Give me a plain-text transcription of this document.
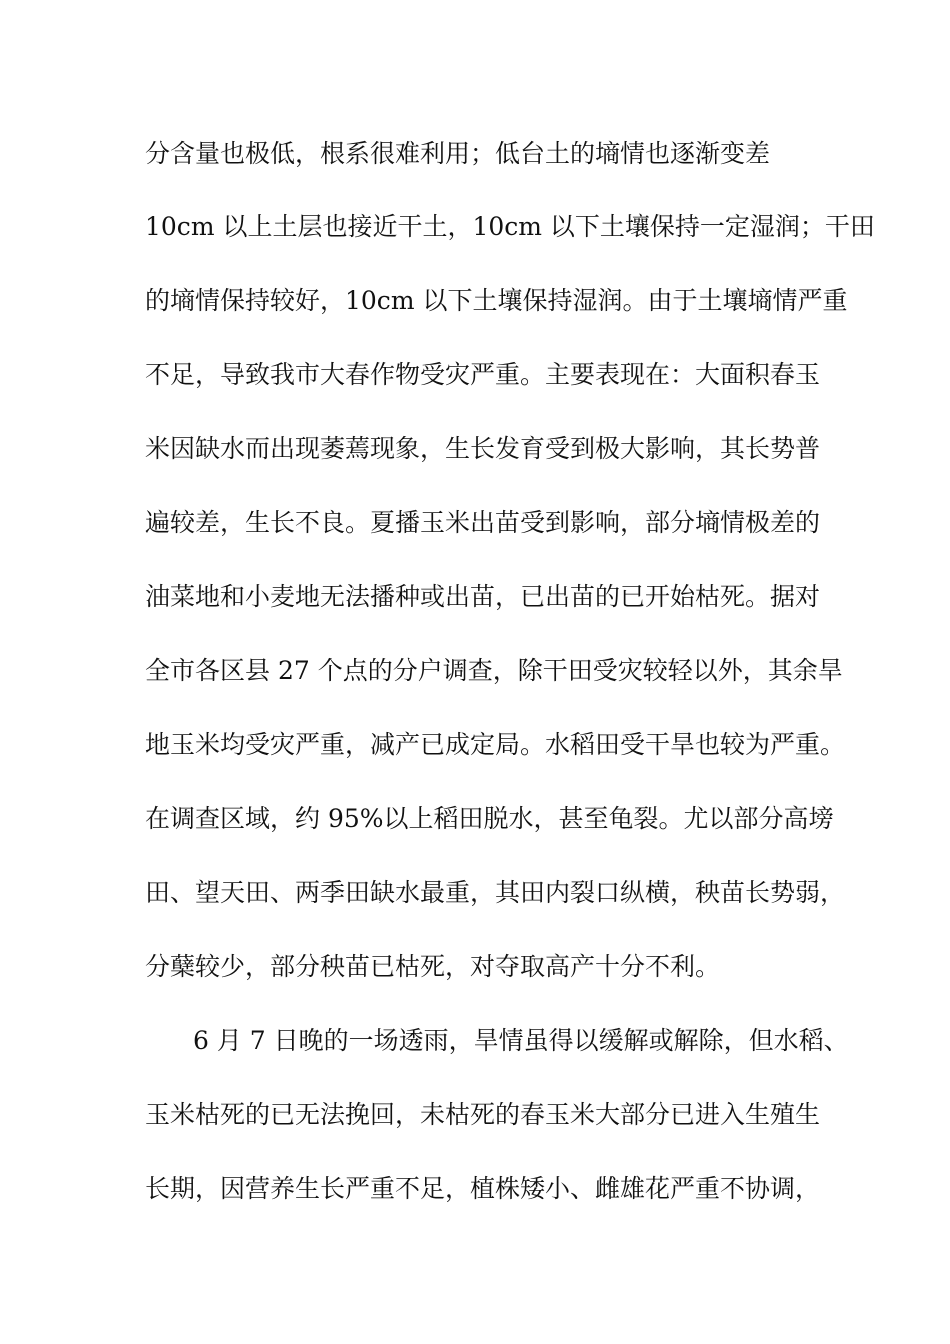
分含量也极低，根系很难利用；低台土的墒情也逐渐变差
10cm 以上土层也接近干土，10cm 以下土壤保持一定湿润；干田
的墒情保持较好，10cm 以下土壤保持湿润。由于土壤墒情严重
不足，导致我市大春作物受灾严重。主要表现在：大面积春玉
米因缺水而出现萎蔫现象，生长发育受到极大影响，其长势普
遍较差，生长不良。夏播玉米出苗受到影响，部分墒情极差的
油菜地和小麦地无法播种或出苗，已出苗的已开始枯死。据对
全市各区县 27 个点的分户调查，除干田受灾较轻以外，其余旱
地玉米均受灾严重，减产已成定局。水稻田受干旱也较为严重。
在调查区域，约 95%以上稻田脱水，甚至龟裂。尤以部分高塝
田、望天田、两季田缺水最重，其田内裂口纵横，秧苗长势弱，
分蘖较少，部分秧苗已枯死，对夺取高产十分不利。
6 月 7 日晚的一场透雨，旱情虽得以缓解或解除，但水稻、
玉米枯死的已无法挽回，未枯死的春玉米大部分已进入生殖生
长期，因营养生长严重不足，植株矮小、雌雄花严重不协调，
